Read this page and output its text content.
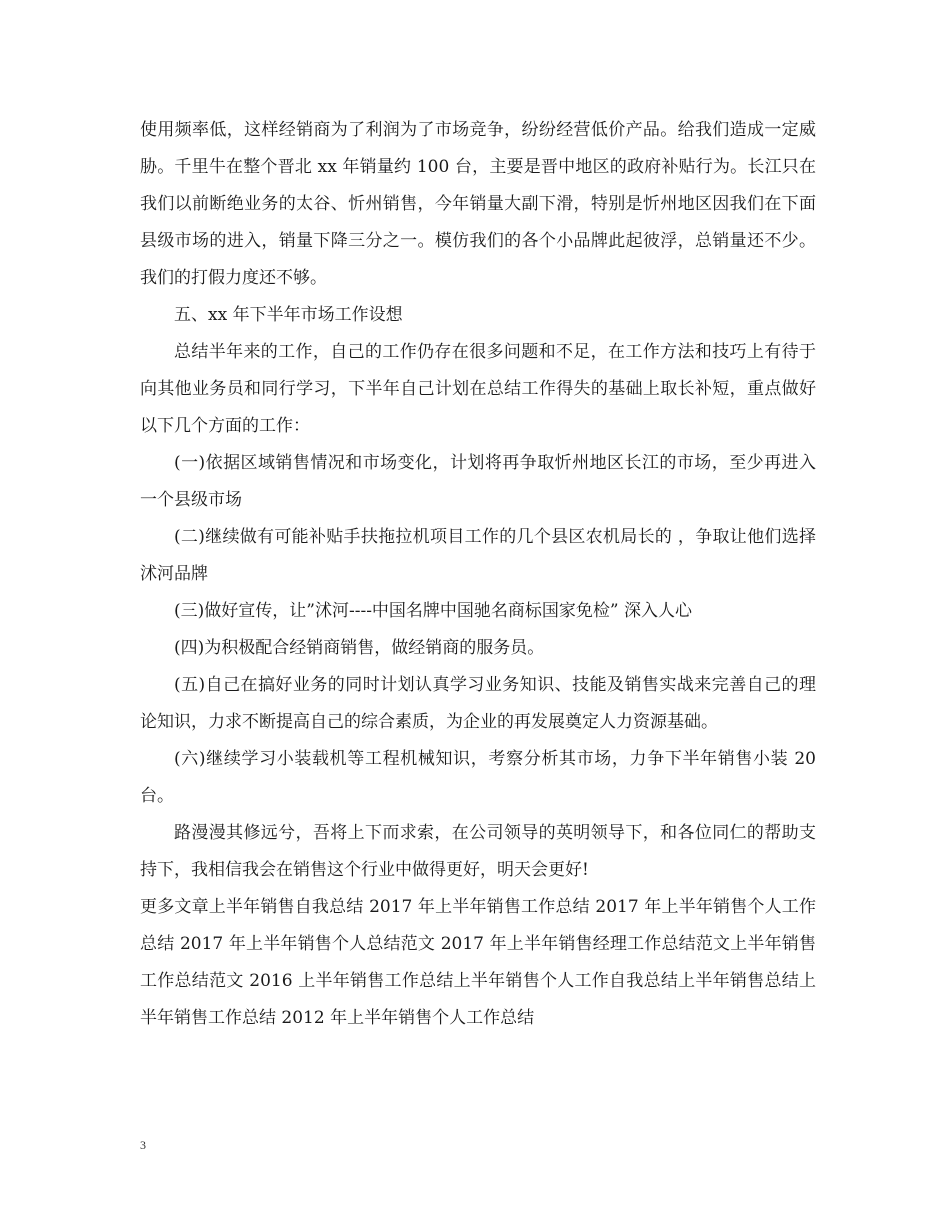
使用频率低，这样经销商为了利润为了市场竞争，纷纷经营低价产品。给我们造成一定威胁。千里牛在整个晋北 xx 年销量约 100 台，主要是晋中地区的政府补贴行为。长江只在我们以前断绝业务的太谷、忻州销售，今年销量大副下滑，特别是忻州地区因我们在下面县级市场的进入，销量下降三分之一。模仿我们的各个小品牌此起彼浮，总销量还不少。我们的打假力度还不够。

五、xx 年下半年市场工作设想

总结半年来的工作，自己的工作仍存在很多问题和不足，在工作方法和技巧上有待于向其他业务员和同行学习，下半年自己计划在总结工作得失的基础上取长补短，重点做好以下几个方面的工作：

(一)依据区域销售情况和市场变化，计划将再争取忻州地区长江的市场，至少再进入一个县级市场

(二)继续做有可能补贴手扶拖拉机项目工作的几个县区农机局长的 ，争取让他们选择沭河品牌

(三)做好宣传，让”沭河----中国名牌中国驰名商标国家免检” 深入人心

(四)为积极配合经销商销售，做经销商的服务员。

(五)自己在搞好业务的同时计划认真学习业务知识、技能及销售实战来完善自己的理论知识，力求不断提高自己的综合素质，为企业的再发展奠定人力资源基础。

(六)继续学习小装载机等工程机械知识，考察分析其市场，力争下半年销售小装 20 台。

路漫漫其修远兮，吾将上下而求索，在公司领导的英明领导下，和各位同仁的帮助支持下，我相信我会在销售这个行业中做得更好，明天会更好!

更多文章上半年销售自我总结 2017 年上半年销售工作总结 2017 年上半年销售个人工作总结 2017 年上半年销售个人总结范文 2017 年上半年销售经理工作总结范文上半年销售工作总结范文 2016 上半年销售工作总结上半年销售个人工作自我总结上半年销售总结上半年销售工作总结 2012 年上半年销售个人工作总结

3
